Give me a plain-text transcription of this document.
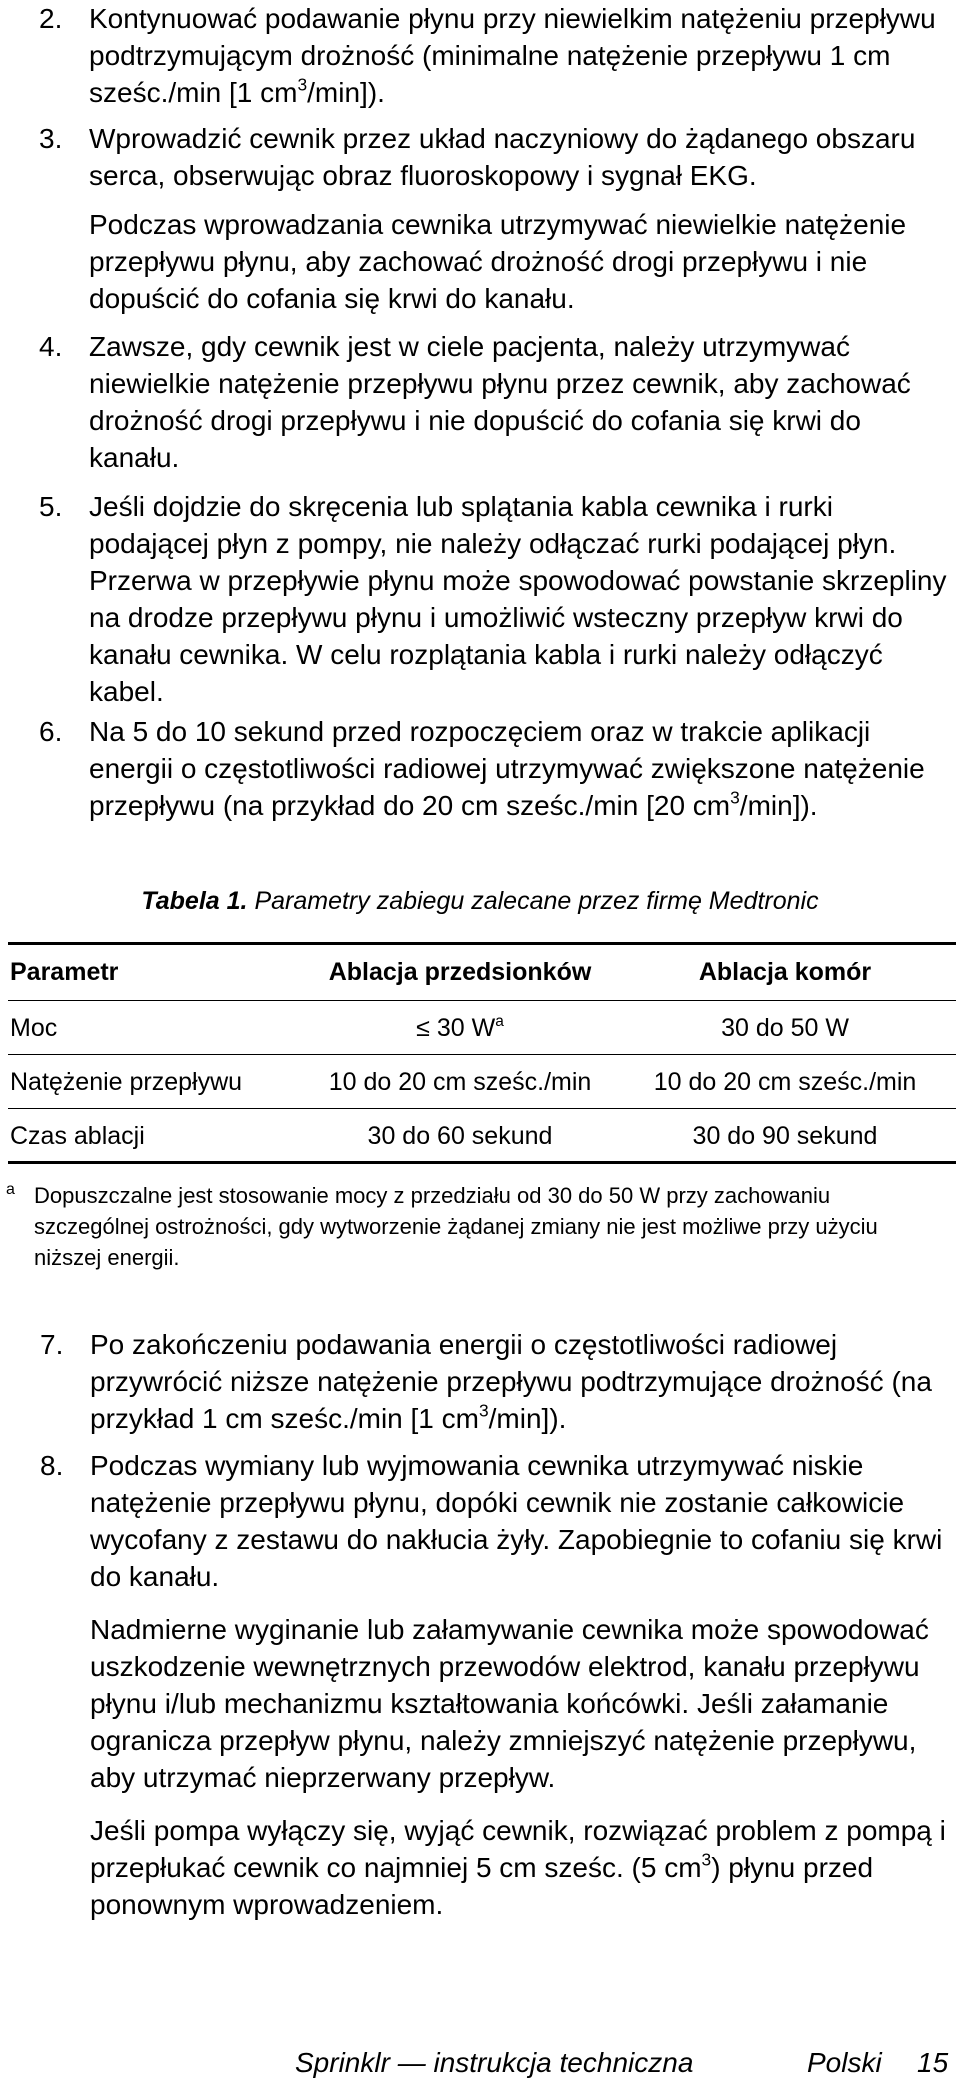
2. Kontynuować podawanie płynu przy niewielkim natężeniu przepływu podtrzymującym drożność (minimalne natężenie przepływu 1 cm sześc./min [1 $cm^3/\min$]).

3. Wprowadzić cewnik przez układ naczyniowy do żądanego obszaru serca, obserwując obraz fluoroskopowy i sygnał EKG.

Podczas wprowadzania cewnika utrzymywać niewielkie natężenie przepływu płynu, aby zachować drożność drogi przepływu i nie dopuścić do cofania się krwi do kanału.

4. Zawsze, gdy cewnik jest w ciele pacjenta, należy utrzymywać niewielkie natężenie przepływu płynu przez cewnik, aby zachować drożność drogi przepływu i nie dopuścić do cofania się krwi do kanału.

5. Jeśli dojdzie do skręcenia lub splątania kabla cewnika i rurki podającej płyn z pompy, nie należy odłączać rurki podającej płyn. Przerwa w przepływie płynu może spowodować powstanie skrzepliny na drodze przepływu płynu i umożliwić wsteczny przepływ krwi do kanału cewnika. W celu rozplątania kabla i rurki należy odłączyć kabel.

6. Na 5 do 10 sekund przed rozpoczęciem oraz w trakcie aplikacji energii o częstotliwości radiowej utrzymywać zwiększone natężenie przepływu (na przykład do 20 cm sześc./min [20 $cm^3/\min$]).

Tabela 1. Parametry zabiegu zalecane przez firmę Medtronic
Parametr	Ablacja przedsionków	Ablacja komór
Moc	≤ 30 $W^a$	30 do 50 W
Natężenie przepływu	10 do 20 cm sześc./min	10 do 20 cm sześc./min
Czas ablacji	30 do 60 sekund	30 do 90 sekund
a Dopuszczalne jest stosowanie mocy z przedziału od 30 do 50 W przy zachowaniu szczególnej ostrożności, gdy wytworzenie żądanej zmiany nie jest możliwe przy użyciu niższej energii.
7. Po zakończeniu podawania energii o częstotliwości radiowej przywrócić niższe natężenie przepływu podtrzymujące drożność (na przykład 1 cm sześc./min [1 $cm^3/\min$]).

8. Podczas wymiany lub wyjmowania cewnika utrzymywać niskie natężenie przepływu płynu, dopóki cewnik nie zostanie całkowicie wycofany z zestawu do nakłucia żyły. Zapobiegnie to cofaniu się krwi do kanału.

Nadmierne wyginanie lub załamywanie cewnika może spowodować uszkodzenie wewnętrznych przewodów elektrod, kanału przepływu płynu i/lub mechanizmu kształtowania końcówki. Jeśli załamanie ogranicza przepływ płynu, należy zmniejszyć natężenie przepływu, aby utrzymać nieprzerwany przepływ.

Jeśli pompa wyłączy się, wyjąć cewnik, rozwiązać problem z pompą i przepłukać cewnik co najmniej 5 cm sześc. (5 $cm^3$) płynu przed ponownym wprowadzeniem.

Sprinklr — instrukcja techniczna	Polski 15
